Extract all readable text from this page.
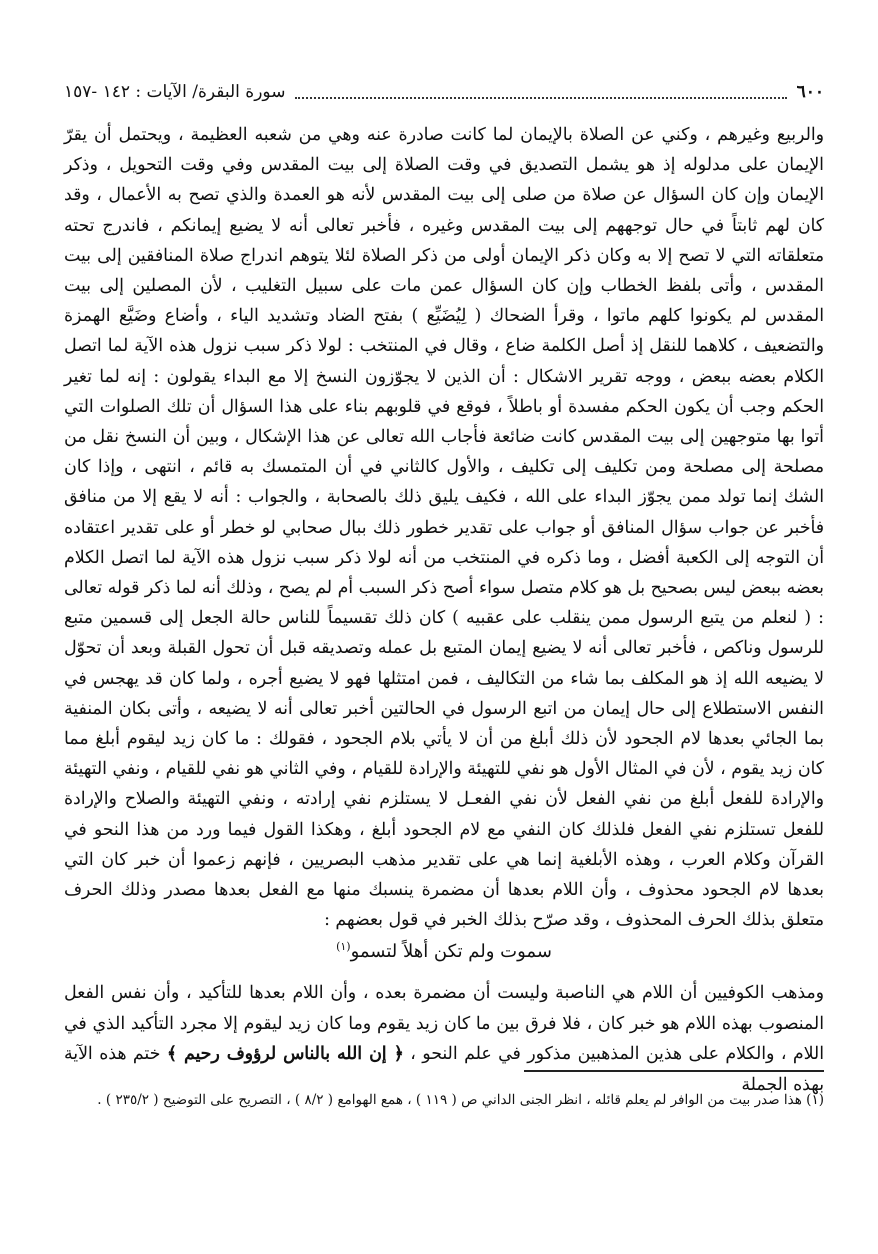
٦٠٠
سورة البقرة/ الآيات : ١٤٢ -١٥٧

والربيع وغيرهم ، وكني عن الصلاة بالإيمان لما كانت صادرة عنه وهي من شعبه العظيمة ، ويحتمل أن يقرّ الإيمان على مدلوله إذ هو يشمل التصديق في وقت الصلاة إلى بيت المقدس وفي وقت التحويل ، وذكر الإيمان وإن كان السؤال عن صلاة من صلى إلى بيت المقدس لأنه هو العمدة والذي تصح به الأعمال ، وقد كان لهم ثابتاً في حال توجههم إلى بيت المقدس وغيره ، فأخبر تعالى أنه لا يضيع إيمانكم ، فاندرج تحته متعلقاته التي لا تصح إلا به وكان ذكر الإيمان أولى من ذكر الصلاة لئلا يتوهم اندراج صلاة المنافقين إلى بيت المقدس ، وأتى بلفظ الخطاب وإن كان السؤال عمن مات على سبيل التغليب ، لأن المصلين إلى بيت المقدس لم يكونوا كلهم ماتوا ، وقرأ الضحاك ( لِيُضَيِّع ) بفتح الضاد وتشديد الياء ، وأضاع وضَيَّع الهمزة والتضعيف ، كلاهما للنقل إذ أصل الكلمة ضاع ، وقال في المنتخب : لولا ذكر سبب نزول هذه الآية لما اتصل الكلام بعضه ببعض ، ووجه تقرير الاشكال : أن الذين لا يجوّزون النسخ إلا مع البداء يقولون : إنه لما تغير الحكم وجب أن يكون الحكم مفسدة أو باطلاً ، فوقع في قلوبهم بناء على هذا السؤال أن تلك الصلوات التي أتوا بها متوجهين إلى بيت المقدس كانت ضائعة فأجاب الله تعالى عن هذا الإشكال ، وبين أن النسخ نقل من مصلحة إلى مصلحة ومن تكليف إلى تكليف ، والأول كالثاني في أن المتمسك به قائم ، انتهى ، وإذا كان الشك إنما تولد ممن يجوّز البداء على الله ، فكيف يليق ذلك بالصحابة ، والجواب : أنه لا يقع إلا من منافق فأخبر عن جواب سؤال المنافق أو جواب على تقدير خطور ذلك ببال صحابي لو خطر أو على تقدير اعتقاده أن التوجه إلى الكعبة أفضل ، وما ذكره في المنتخب من أنه لولا ذكر سبب نزول هذه الآية لما اتصل الكلام بعضه ببعض ليس بصحيح بل هو كلام متصل سواء أصح ذكر السبب أم لم يصح ، وذلك أنه لما ذكر قوله تعالى : ( لنعلم من يتبع الرسول ممن ينقلب على عقبيه ) كان ذلك تقسيماً للناس حالة الجعل إلى قسمين متبع للرسول وناكص ، فأخبر تعالى أنه لا يضيع إيمان المتبع بل عمله وتصديقه قبل أن تحول القبلة وبعد أن تحوّل لا يضيعه الله إذ هو المكلف بما شاء من التكاليف ، فمن امتثلها فهو لا يضيع أجره ، ولما كان قد يهجس في النفس الاستطلاع إلى حال إيمان من اتبع الرسول في الحالتين أخبر تعالى أنه لا يضيعه ، وأتى بكان المنفية بما الجائي بعدها لام الجحود لأن ذلك أبلغ من أن لا يأتي بلام الجحود ، فقولك : ما كان زيد ليقوم أبلغ مما كان زيد يقوم ، لأن في المثال الأول هو نفي للتهيئة والإرادة للقيام ، وفي الثاني هو نفي للقيام ، ونفي التهيئة والإرادة للفعل أبلغ من نفي الفعل لأن نفي الفعـل لا يستلزم نفي إرادته ، ونفي التهيئة والصلاح والإرادة للفعل تستلزم نفي الفعل فلذلك كان النفي مع لام الجحود أبلغ ، وهكذا القول فيما ورد من هذا النحو في القرآن وكلام العرب ، وهذه الأبلغية إنما هي على تقدير مذهب البصريين ، فإنهم زعموا أن خبر كان التي بعدها لام الجحود محذوف ، وأن اللام بعدها أن مضمرة ينسبك منها مع الفعل بعدها مصدر وذلك الحرف متعلق بذلك الحرف المحذوف ، وقد صرّح بذلك الخبر في قول بعضهم :

سموت ولم تكن أهلاً لتسمو$^{(١)}$

ومذهب الكوفيين أن اللام هي الناصبة وليست أن مضمرة بعده ، وأن اللام بعدها للتأكيد ، وأن نفس الفعل المنصوب بهذه اللام هو خبر كان ، فلا فرق بين ما كان زيد يقوم وما كان زيد ليقوم إلا مجرد التأكيد الذي في اللام ، والكلام على هذين المذهبين مذكور في علم النحو ، ﴿ إن الله بالناس لرؤوف رحيم ﴾ ختم هذه الآية بهذه الجملة

(١) هذا صدر بيت من الوافر لم يعلم قائله ، انظر الجنى الداني ص ( ١١٩ ) ، همع الهوامع ( ٨/٢ ) ، التصريح على التوضيح ( ٢٣٥/٢ ) .
